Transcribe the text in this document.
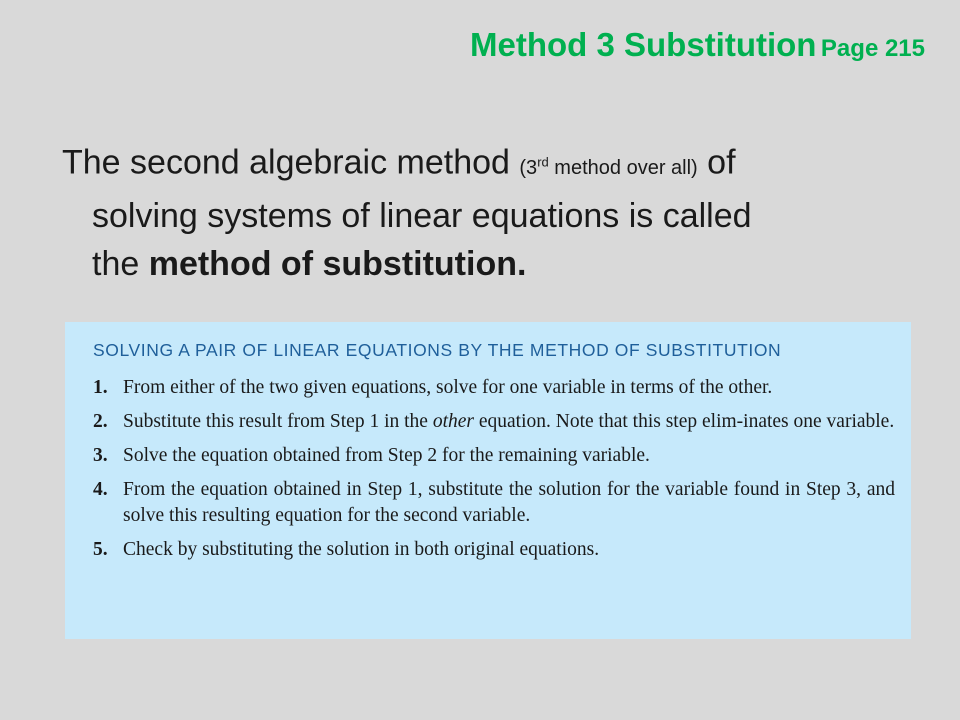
Method 3 Substitution Page 215
The second algebraic method (3rd method over all) of
solving systems of linear equations is called
the method of substitution.
SOLVING A PAIR OF LINEAR EQUATIONS BY THE METHOD OF SUBSTITUTION
1. From either of the two given equations, solve for one variable in terms of the other.
2. Substitute this result from Step 1 in the other equation. Note that this step elim-inates one variable.
3. Solve the equation obtained from Step 2 for the remaining variable.
4. From the equation obtained in Step 1, substitute the solution for the variable found in Step 3, and solve this resulting equation for the second variable.
5. Check by substituting the solution in both original equations.
